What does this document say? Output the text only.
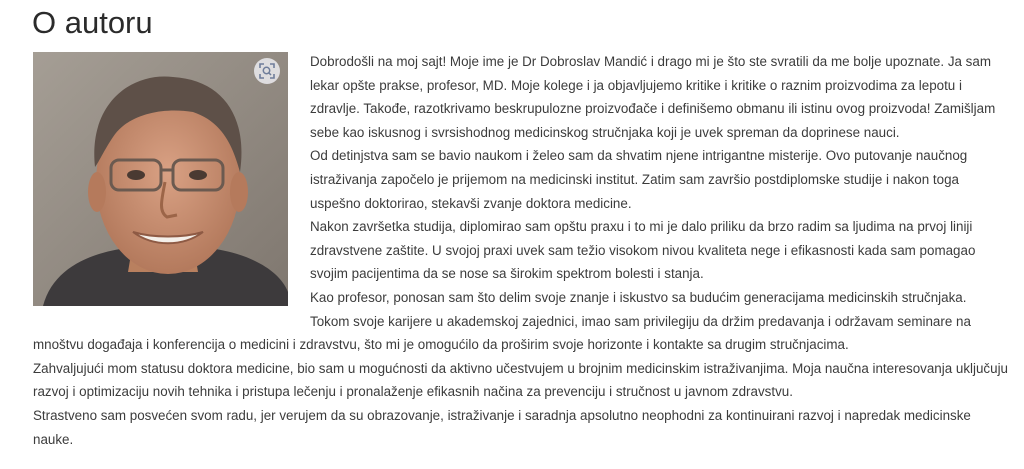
O autoru

Dobrodošli na moj sajt! Moje ime je Dr Dobroslav Mandić i drago mi je što ste svratili da me bolje upoznate. Ja sam lekar opšte prakse, profesor, MD. Moje kolege i ja objavljujemo kritike i kritike o raznim proizvodima za lepotu i zdravlje. Takođe, razotkrivamo beskrupulozne proizvođače i definišemo obmanu ili istinu ovog proizvoda! Zamišljam sebe kao iskusnog i svrsishodnog medicinskog stručnjaka koji je uvek spreman da doprinese nauci.

Od detinjstva sam se bavio naukom i želeo sam da shvatim njene intrigantne misterije. Ovo putovanje naučnog istraživanja započelo je prijemom na medicinski institut. Zatim sam završio postdiplomske studije i nakon toga uspešno doktorirao, stekavši zvanje doktora medicine.

Nakon završetka studija, diplomirao sam opštu praxu i to mi je dalo priliku da brzo radim sa ljudima na prvoj liniji zdravstvene zaštite. U svojoj praxi uvek sam težio visokom nivou kvaliteta nege i efikasnosti kada sam pomagao svojim pacijentima da se nose sa širokim spektrom bolesti i stanja.

Kao profesor, ponosan sam što delim svoje znanje i iskustvo sa budućim generacijama medicinskih stručnjaka. Tokom svoje karijere u akademskoj zajednici, imao sam privilegiju da držim predavanja i održavam seminare na mnoštvu događaja i konferencija o medicini i zdravstvu, što mi je omogućilo da proširim svoje horizonte i kontakte sa drugim stručnjacima.

Zahvaljujući mom statusu doktora medicine, bio sam u mogućnosti da aktivno učestvujem u brojnim medicinskim istraživanjima. Moja naučna interesovanja uključuju razvoj i optimizaciju novih tehnika i pristupa lečenju i pronalaženje efikasnih načina za prevenciju i stručnost u javnom zdravstvu.

Strastveno sam posvećen svom radu, jer verujem da su obrazovanje, istraživanje i saradnja apsolutno neophodni za kontinuirani razvoj i napredak medicinske nauke.
